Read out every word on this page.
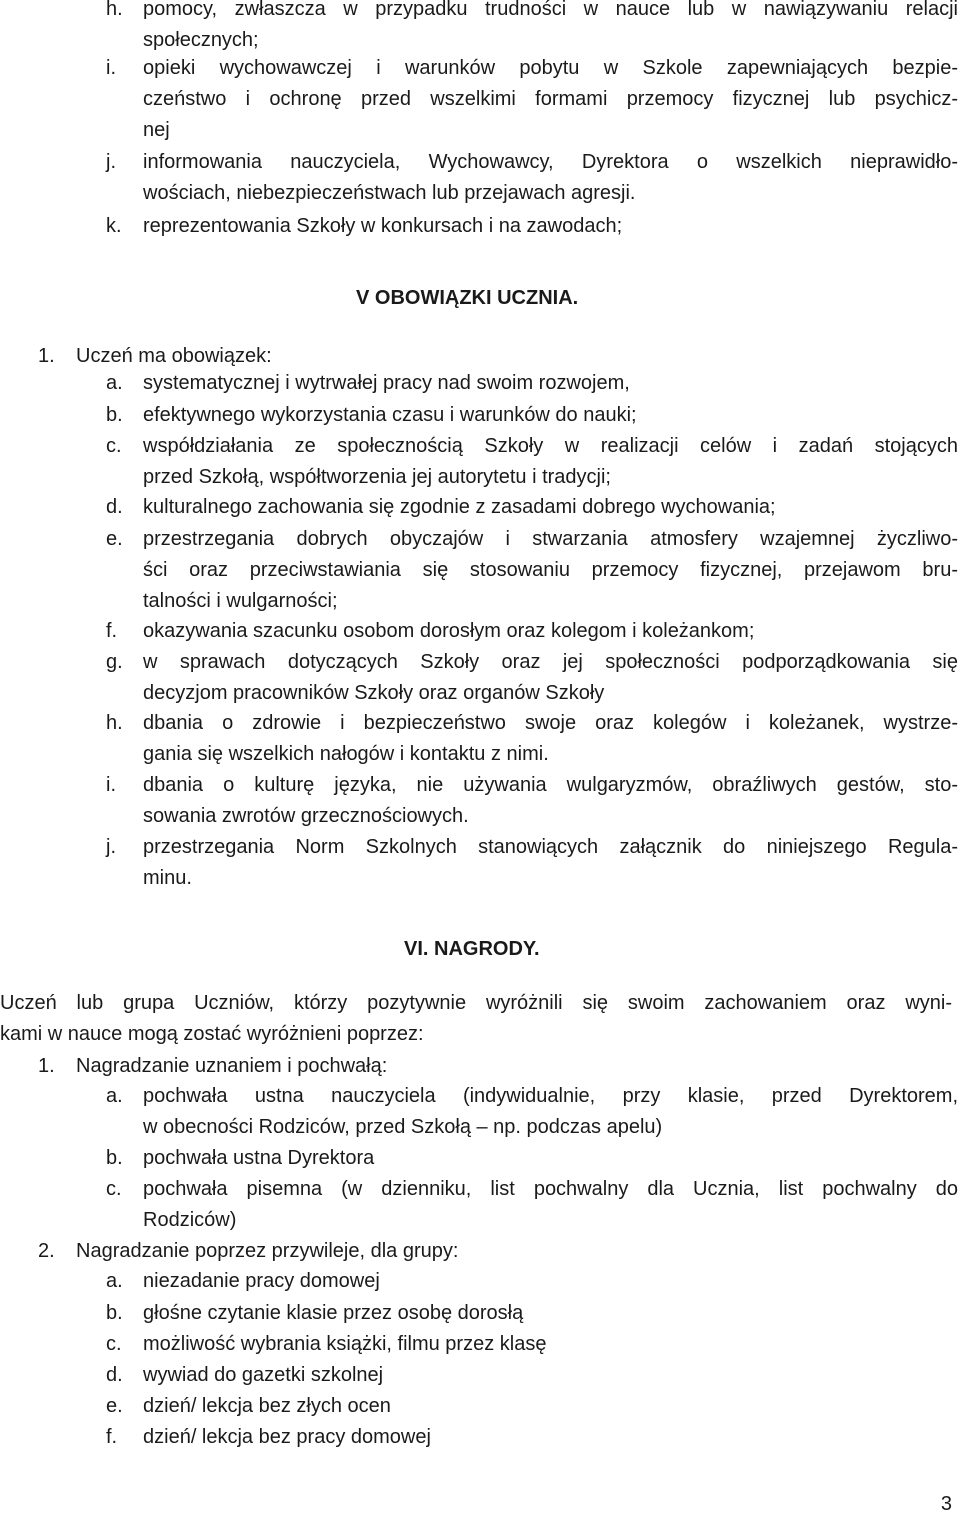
h. pomocy, zwłaszcza w przypadku trudności w nauce lub w nawiązywaniu relacji
społecznych;
i. opieki wychowawczej i warunków pobytu w Szkole zapewniających bezpie-
czeństwo i ochronę przed wszelkimi formami przemocy fizycznej lub psychicz-
nej
j. informowania nauczyciela, Wychowawcy, Dyrektora o wszelkich nieprawidło-
wościach, niebezpieczeństwach lub przejawach agresji.
k. reprezentowania Szkoły w konkursach i na zawodach;
V OBOWIĄZKI UCZNIA.
1. Uczeń ma obowiązek:
a. systematycznej i wytrwałej pracy nad swoim rozwojem,
b. efektywnego wykorzystania czasu i warunków do nauki;
c. współdziałania ze społecznością Szkoły w realizacji celów i zadań stojących
przed Szkołą, współtworzenia jej autorytetu i tradycji;
d. kulturalnego zachowania się zgodnie z zasadami dobrego wychowania;
e. przestrzegania dobrych obyczajów i stwarzania atmosfery wzajemnej życzliwo-
ści oraz przeciwstawiania się stosowaniu przemocy fizycznej, przejawom bru-
talności i wulgarności;
f. okazywania szacunku osobom dorosłym oraz kolegom i koleżankom;
g. w sprawach dotyczących Szkoły oraz jej społeczności podporządkowania się
decyzjom pracowników Szkoły oraz organów Szkoły
h. dbania o zdrowie i bezpieczeństwo swoje oraz kolegów i koleżanek, wystrze-
gania się wszelkich nałogów i kontaktu z nimi.
i. dbania o kulturę języka, nie używania wulgaryzmów, obraźliwych gestów, sto-
sowania zwrotów grzecznościowych.
j. przestrzegania Norm Szkolnych stanowiących załącznik do niniejszego Regula-
minu.
VI. NAGRODY.
Uczeń lub grupa Uczniów, którzy pozytywnie wyróżnili się swoim zachowaniem oraz wyni-
kami w nauce mogą zostać wyróżnieni poprzez:
1. Nagradzanie uznaniem i pochwałą:
a. pochwała ustna nauczyciela (indywidualnie, przy klasie, przed Dyrektorem,
w obecności Rodziców, przed Szkołą – np. podczas apelu)
b. pochwała ustna Dyrektora
c. pochwała pisemna (w dzienniku, list pochwalny dla Ucznia, list pochwalny do
Rodziców)
2. Nagradzanie poprzez przywileje, dla grupy:
a. niezadanie pracy domowej
b. głośne czytanie klasie przez osobę dorosłą
c. możliwość wybrania książki, filmu przez klasę
d. wywiad do gazetki szkolnej
e. dzień/ lekcja bez złych ocen
f. dzień/ lekcja bez pracy domowej
3
